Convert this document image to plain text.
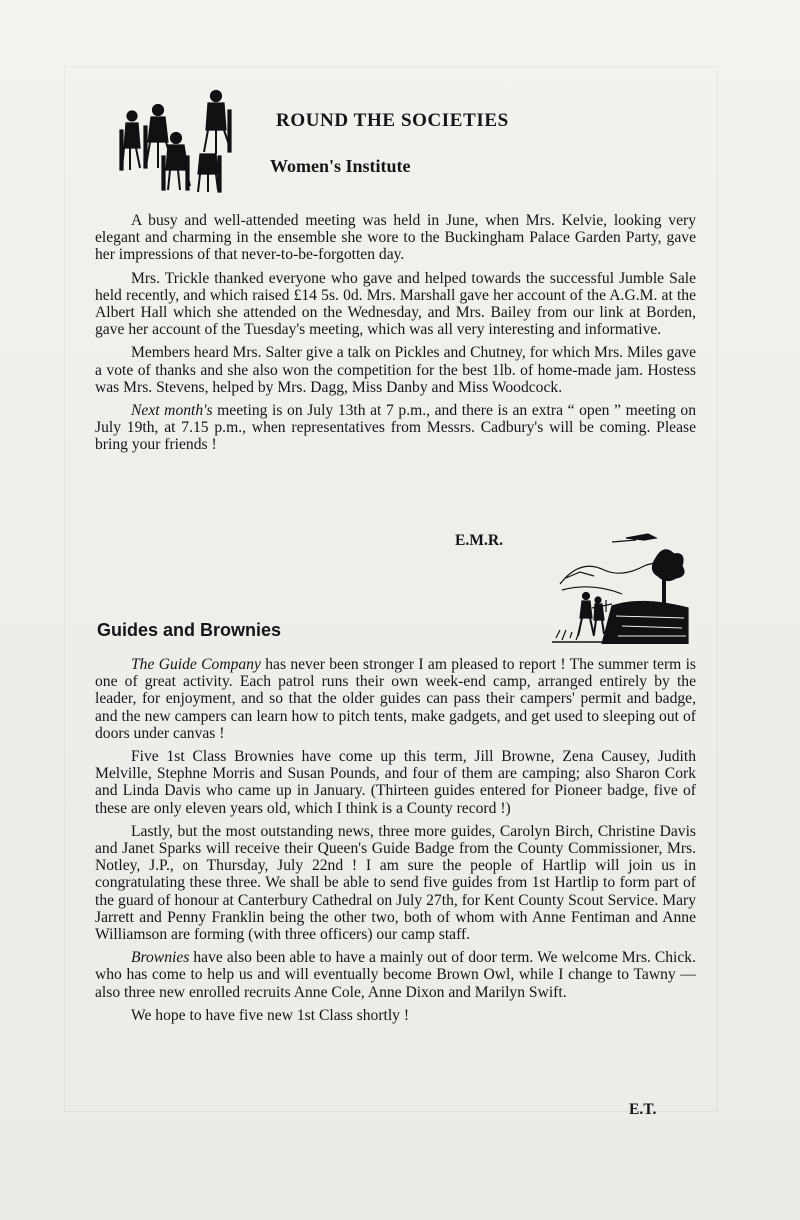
ROUND THE SOCIETIES
Women's Institute

A busy and well-attended meeting was held in June, when Mrs. Kelvie, looking very elegant and charming in the ensemble she wore to the Buckingham Palace Garden Party, gave her impressions of that never-to-be-forgotten day.

Mrs. Trickle thanked everyone who gave and helped towards the successful Jumble Sale held recently, and which raised £14 5s. 0d. Mrs. Marshall gave her account of the A.G.M. at the Albert Hall which she attended on the Wednesday, and Mrs. Bailey from our link at Borden, gave her account of the Tuesday's meeting, which was all very interesting and informative.

Members heard Mrs. Salter give a talk on Pickles and Chutney, for which Mrs. Miles gave a vote of thanks and she also won the competition for the best 1lb. of home-made jam. Hostess was Mrs. Stevens, helped by Mrs. Dagg, Miss Danby and Miss Woodcock.

Next month's meeting is on July 13th at 7 p.m., and there is an extra “ open ” meeting on July 19th, at 7.15 p.m., when representatives from Messrs. Cadbury's will be coming. Please bring your friends !

E.M.R.
Guides and Brownies

The Guide Company has never been stronger I am pleased to report ! The summer term is one of great activity. Each patrol runs their own week-end camp, arranged entirely by the leader, for enjoyment, and so that the older guides can pass their campers' permit and badge, and the new campers can learn how to pitch tents, make gadgets, and get used to sleeping out of doors under canvas !

Five 1st Class Brownies have come up this term, Jill Browne, Zena Causey, Judith Melville, Stephne Morris and Susan Pounds, and four of them are camping; also Sharon Cork and Linda Davis who came up in January. (Thirteen guides entered for Pioneer badge, five of these are only eleven years old, which I think is a County record !)

Lastly, but the most outstanding news, three more guides, Carolyn Birch, Christine Davis and Janet Sparks will receive their Queen's Guide Badge from the County Commissioner, Mrs. Notley, J.P., on Thursday, July 22nd ! I am sure the people of Hartlip will join us in congratulating these three. We shall be able to send five guides from 1st Hartlip to form part of the guard of honour at Canterbury Cathedral on July 27th, for Kent County Scout Service. Mary Jarrett and Penny Franklin being the other two, both of whom with Anne Fentiman and Anne Williamson are forming (with three officers) our camp staff.

Brownies have also been able to have a mainly out of door term. We welcome Mrs. Chick. who has come to help us and will eventually become Brown Owl, while I change to Tawny — also three new enrolled recruits Anne Cole, Anne Dixon and Marilyn Swift.

We hope to have five new 1st Class shortly !

E.T.
